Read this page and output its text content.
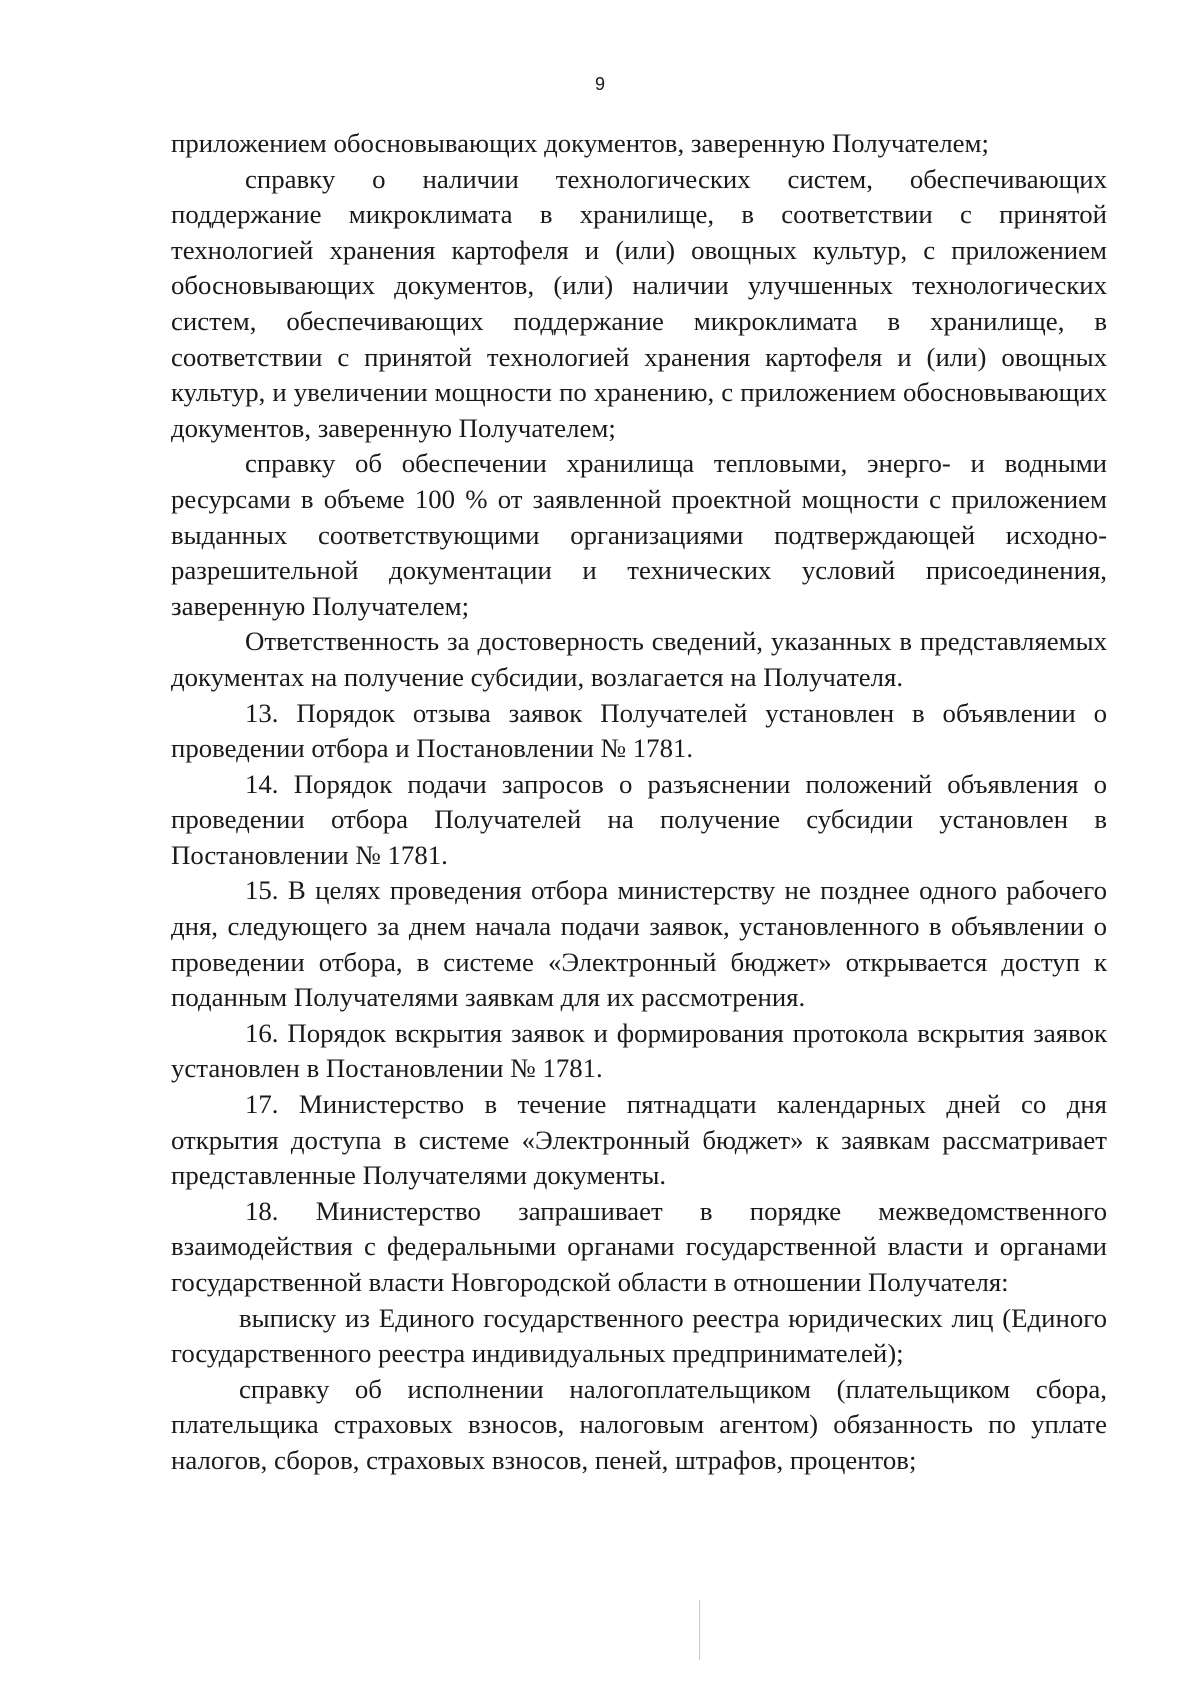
9

приложением обосновывающих документов, заверенную Получателем;

справку о наличии технологических систем, обеспечивающих поддержание микроклимата в хранилище, в соответствии с принятой технологией хранения картофеля и (или) овощных культур, с приложением обосновывающих документов, (или) наличии улучшенных технологических систем, обеспечивающих поддержание микроклимата в хранилище, в соответствии с принятой технологией хранения картофеля и (или) овощных культур, и увеличении мощности по хранению, с приложением обосновывающих документов, заверенную Получателем;

справку об обеспечении хранилища тепловыми, энерго- и водными ресурсами в объеме 100 % от заявленной проектной мощности с приложением выданных соответствующими организациями подтверждающей исходно-разрешительной документации и технических условий присоединения, заверенную Получателем;

Ответственность за достоверность сведений, указанных в представляемых документах на получение субсидии, возлагается на Получателя.

13. Порядок отзыва заявок Получателей установлен в объявлении о проведении отбора и Постановлении № 1781.

14. Порядок подачи запросов о разъяснении положений объявления о проведении отбора Получателей на получение субсидии установлен в Постановлении № 1781.

15. В целях проведения отбора министерству не позднее одного рабочего дня, следующего за днем начала подачи заявок, установленного в объявлении о проведении отбора, в системе «Электронный бюджет» открывается доступ к поданным Получателями заявкам для их рассмотрения.

16. Порядок вскрытия заявок и формирования протокола вскрытия заявок установлен в Постановлении № 1781.

17. Министерство в течение пятнадцати календарных дней со дня открытия доступа в системе «Электронный бюджет» к заявкам рассматривает представленные Получателями документы.

18. Министерство запрашивает в порядке межведомственного взаимодействия с федеральными органами государственной власти и органами государственной власти Новгородской области в отношении Получателя:

выписку из Единого государственного реестра юридических лиц (Единого государственного реестра индивидуальных предпринимателей);

справку об исполнении налогоплательщиком (плательщиком сбора, плательщика страховых взносов, налоговым агентом) обязанность по уплате налогов, сборов, страховых взносов, пеней, штрафов, процентов;
